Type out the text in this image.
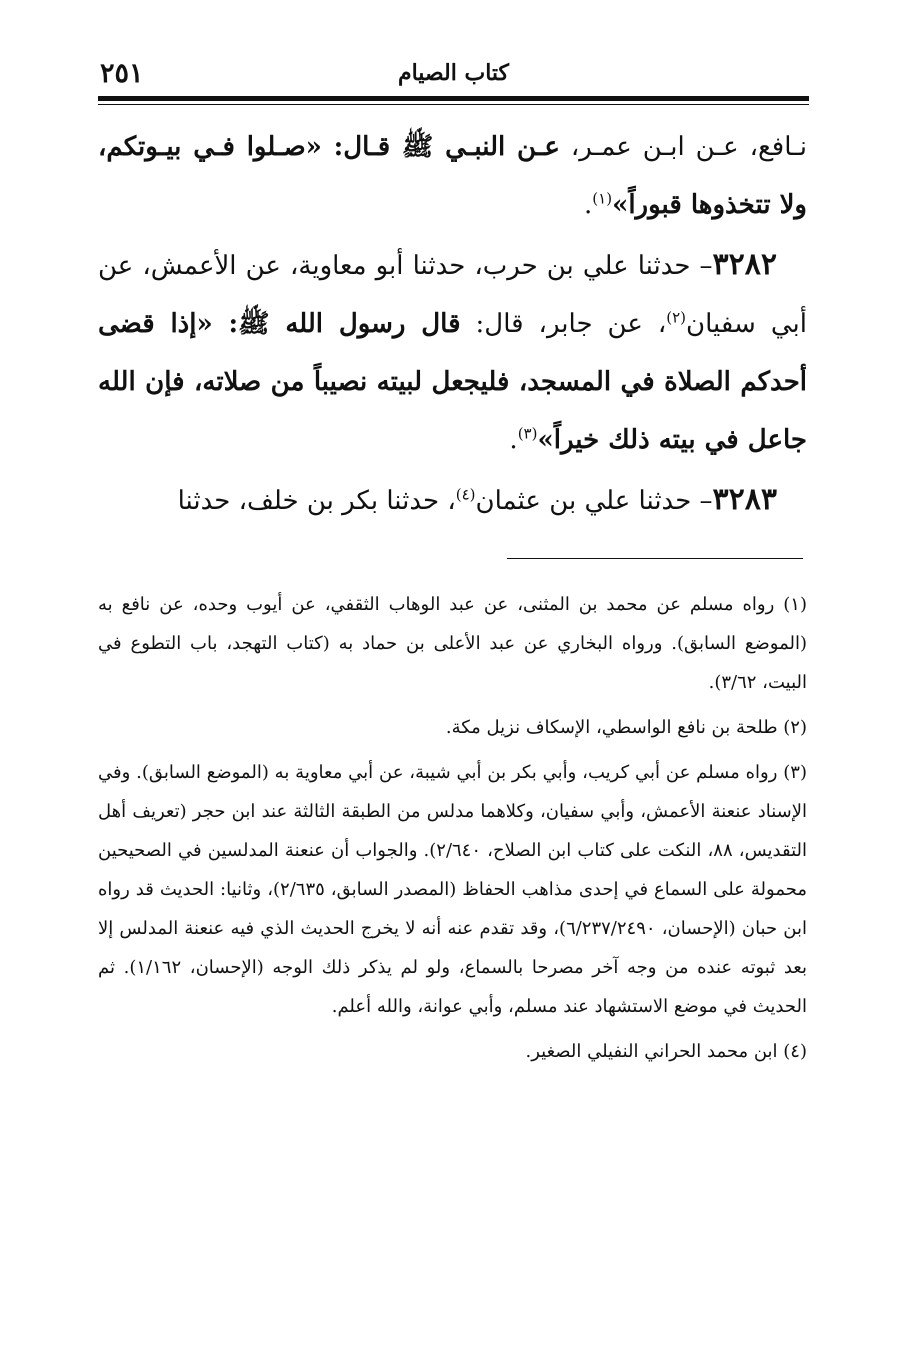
كتاب الصيام
٢٥١

نـافع، عـن ابـن عمـر، عـن النبـي ﷺ قـال: «صـلوا فـي بيـوتكم، ولا تتخذوها قبوراً»$^{(١)}$.

٣٢٨٢– حدثنا علي بن حرب، حدثنا أبو معاوية، عن الأعمش، عن أبي سفيان$^{(٢)}$، عن جابر، قال: قال رسول الله ﷺ: «إذا قضى أحدكم الصلاة في المسجد، فليجعل لبيته نصيباً من صلاته، فإن الله جاعل في بيته ذلك خيراً»$^{(٣)}$.

٣٢٨٣– حدثنا علي بن عثمان$^{(٤)}$، حدثنا بكر بن خلف، حدثنا

(١) رواه مسلم عن محمد بن المثنى، عن عبد الوهاب الثقفي، عن أيوب وحده، عن نافع به (الموضع السابق). ورواه البخاري عن عبد الأعلى بن حماد به (كتاب التهجد، باب التطوع في البيت، ٣/٦٢).

(٢) طلحة بن نافع الواسطي، الإسكاف نزيل مكة.

(٣) رواه مسلم عن أبي كريب، وأبي بكر بن أبي شيبة، عن أبي معاوية به (الموضع السابق). وفي الإسناد عنعنة الأعمش، وأبي سفيان، وكلاهما مدلس من الطبقة الثالثة عند ابن حجر (تعريف أهل التقديس، ٨٨، النكت على كتاب ابن الصلاح، ٢/٦٤٠). والجواب أن عنعنة المدلسين في الصحيحين محمولة على السماع في إحدى مذاهب الحفاظ (المصدر السابق، ٢/٦٣٥)، وثانيا: الحديث قد رواه ابن حبان (الإحسان، ٦/٢٣٧/٢٤٩٠)، وقد تقدم عنه أنه لا يخرج الحديث الذي فيه عنعنة المدلس إلا بعد ثبوته عنده من وجه آخر مصرحا بالسماع، ولو لم يذكر ذلك الوجه (الإحسان، ١/١٦٢). ثم الحديث في موضع الاستشهاد عند مسلم، وأبي عوانة، والله أعلم.

(٤) ابن محمد الحراني النفيلي الصغير.
